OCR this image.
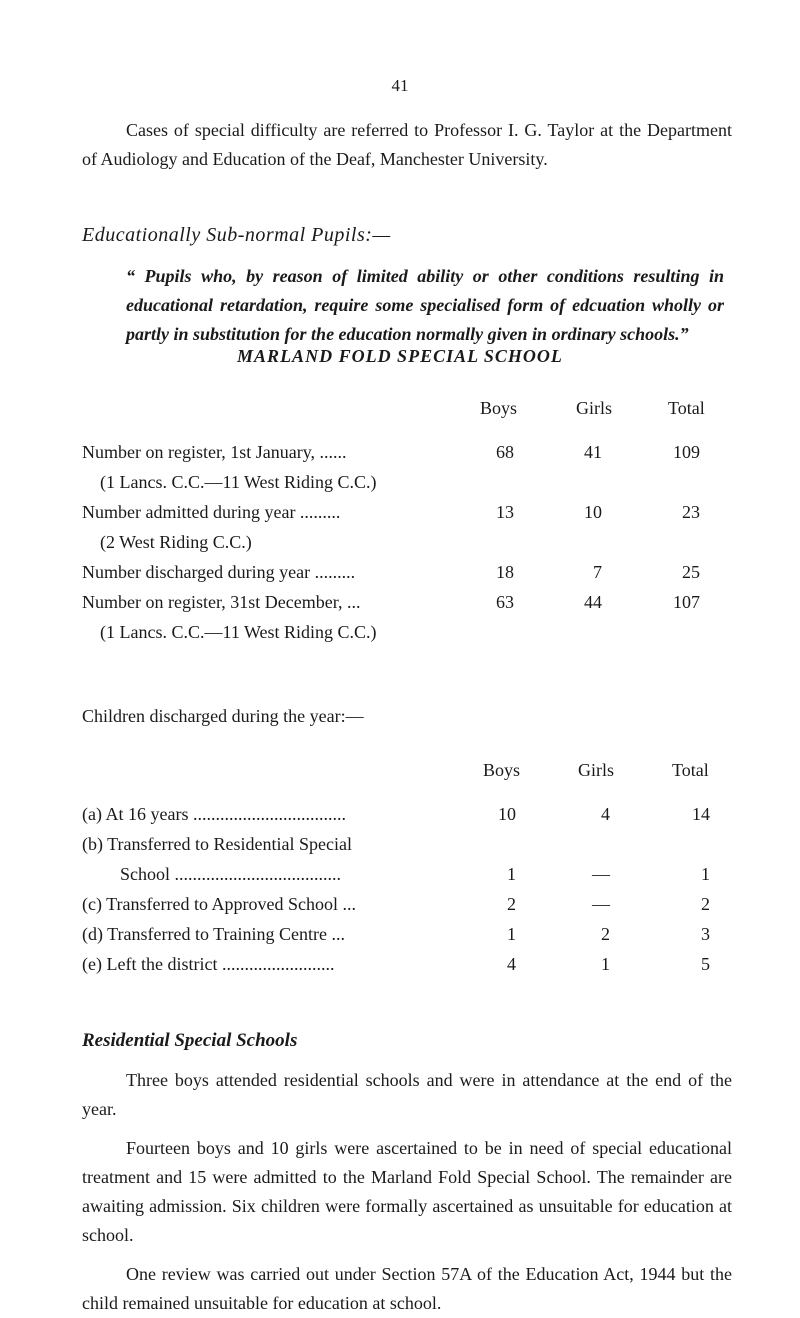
41

Cases of special difficulty are referred to Professor I. G. Taylor at the Department of Audiology and Education of the Deaf, Manchester University.

Educationally Sub-normal Pupils:—

“ Pupils who, by reason of limited ability or other conditions resulting in educational retardation, require some specialised form of edcuation wholly or partly in substitution for the education normally given in ordinary schools.”

MARLAND FOLD SPECIAL SCHOOL
Boys	Girls	Total
Number on register, 1st January, ......	68	41	109
(1 Lancs. C.C.—11 West Riding C.C.)
Number admitted during year .........	13	10	23
(2 West Riding C.C.)
Number discharged during year .........	18	7	25
Number on register, 31st December, ...	63	44	107
(1 Lancs. C.C.—11 West Riding C.C.)
Children discharged during the year:—
Boys	Girls	Total
(a) At 16 years ..................................	10	4	14
(b) Transferred to Residential Special
School .....................................	1	—	1
(c) Transferred to Approved School ...	2	—	2
(d) Transferred to Training Centre ...	1	2	3
(e) Left the district .........................	4	1	5
Residential Special Schools

Three boys attended residential schools and were in attendance at the end of the year.

Fourteen boys and 10 girls were ascertained to be in need of special educational treatment and 15 were admitted to the Marland Fold Special School. The remainder are awaiting admission. Six children were formally ascertained as unsuitable for education at school.

One review was carried out under Section 57A of the Education Act, 1944 but the child remained unsuitable for education at school.
